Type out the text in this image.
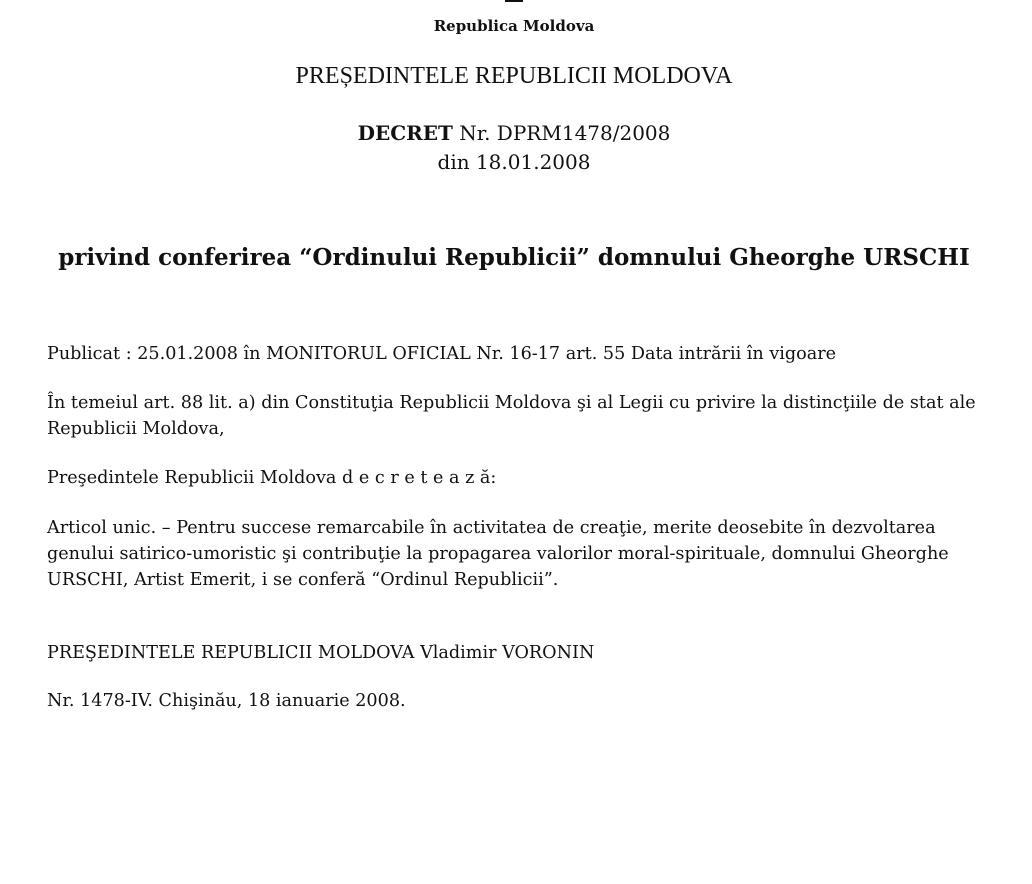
Republica Moldova
PREȘEDINTELE REPUBLICII MOLDOVA
DECRET Nr. DPRM1478/2008
din 18.01.2008
privind conferirea “Ordinului Republicii” domnului Gheorghe URSCHI
Publicat : 25.01.2008 în MONITORUL OFICIAL Nr. 16-17 art. 55 Data intrării în vigoare
În temeiul art. 88 lit. a) din Constituţia Republicii Moldova şi al Legii cu privire la distincţiile de stat ale Republicii Moldova,
Preşedintele Republicii Moldova d e c r e t e a z ă:
Articol unic. – Pentru succese remarcabile în activitatea de creaţie, merite deosebite în dezvoltarea genului satirico-umoristic şi contribuţie la propagarea valorilor moral-spirituale, domnului Gheorghe URSCHI, Artist Emerit, i se conferă “Ordinul Republicii”.
PREŞEDINTELE REPUBLICII MOLDOVA Vladimir VORONIN
Nr. 1478-IV. Chişinău, 18 ianuarie 2008.
